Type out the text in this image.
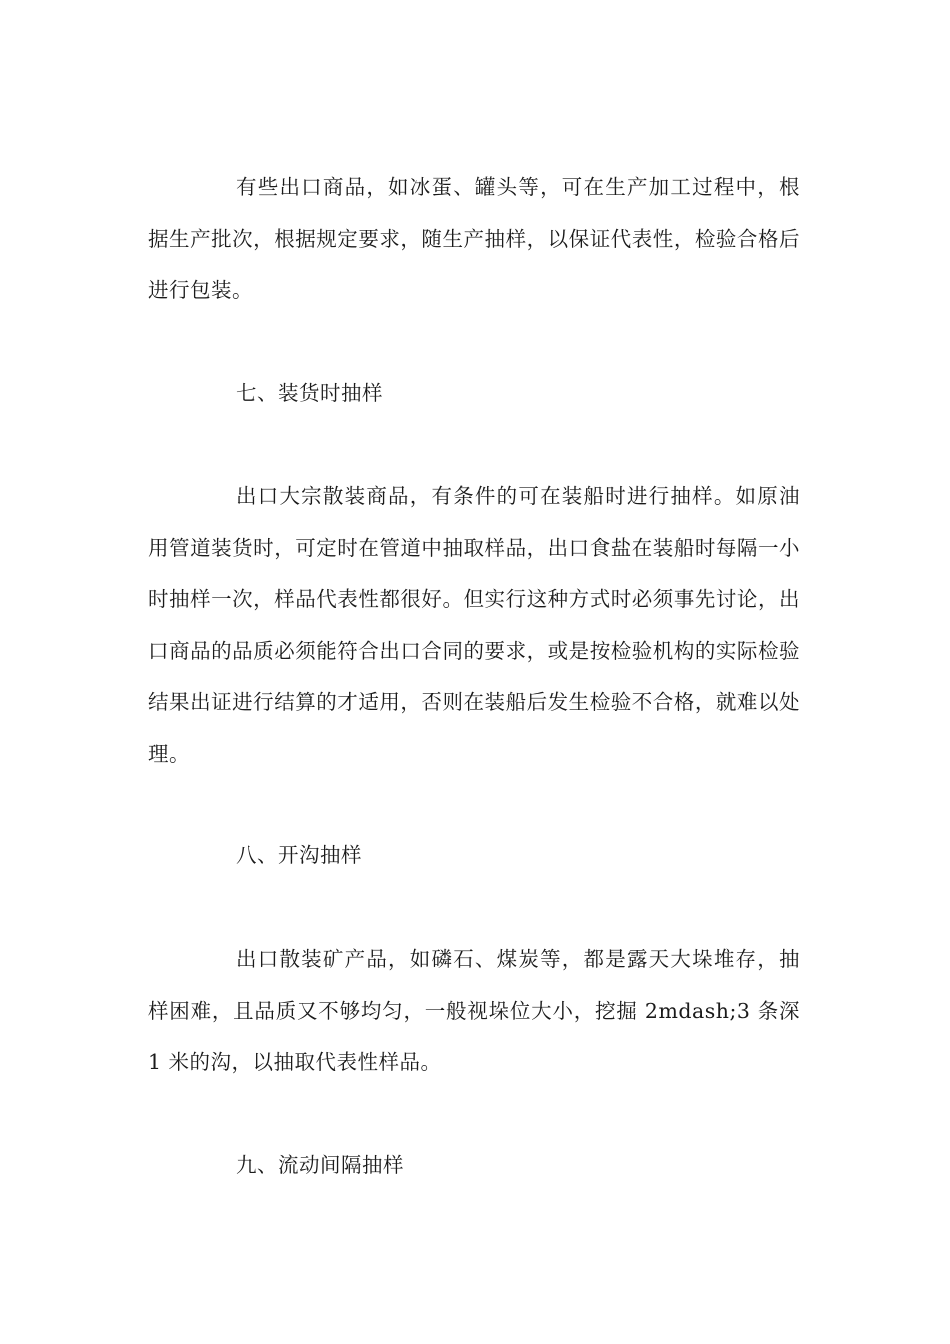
有些出口商品，如冰蛋、罐头等，可在生产加工过程中，根据生产批次，根据规定要求，随生产抽样，以保证代表性，检验合格后进行包装。

七、装货时抽样

出口大宗散装商品，有条件的可在装船时进行抽样。如原油用管道装货时，可定时在管道中抽取样品，出口食盐在装船时每隔一小时抽样一次，样品代表性都很好。但实行这种方式时必须事先讨论，出口商品的品质必须能符合出口合同的要求，或是按检验机构的实际检验结果出证进行结算的才适用，否则在装船后发生检验不合格，就难以处理。

八、开沟抽样

出口散装矿产品，如磷石、煤炭等，都是露天大垛堆存，抽样困难，且品质又不够均匀，一般视垛位大小，挖掘 2mdash;3 条深 1 米的沟，以抽取代表性样品。

九、流动间隔抽样
